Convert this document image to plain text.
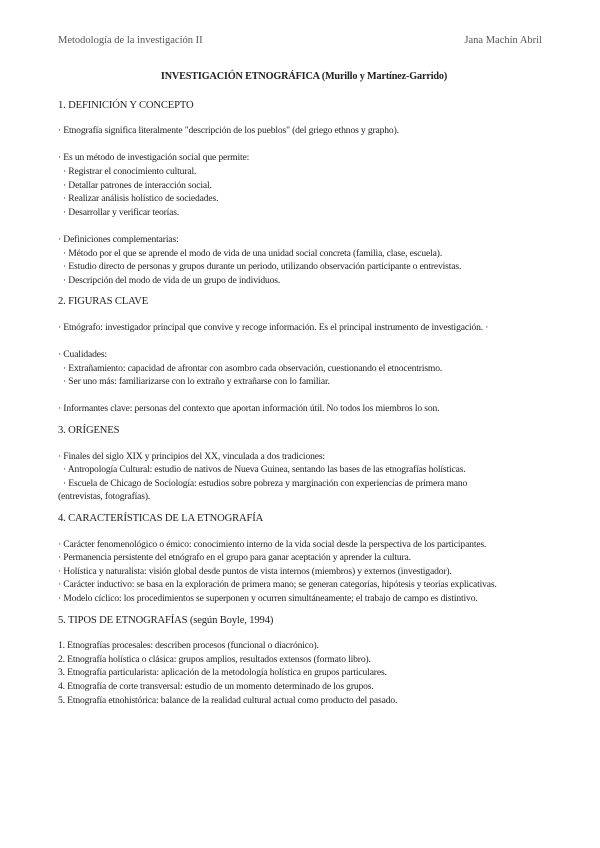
Metodología de la investigación II	Jana Machín Abril
INVESTIGACIÓN ETNOGRÁFICA (Murillo y Martínez-Garrido)
1. DEFINICIÓN Y CONCEPTO

· Etnografía significa literalmente "descripción de los pueblos" (del griego ethnos y grapho).

· Es un método de investigación social que permite:

· Registrar el conocimiento cultural.

· Detallar patrones de interacción social.

· Realizar análisis holístico de sociedades.

· Desarrollar y verificar teorías.

· Definiciones complementarias:

· Método por el que se aprende el modo de vida de una unidad social concreta (familia, clase, escuela).

· Estudio directo de personas y grupos durante un periodo, utilizando observación participante o entrevistas.

· Descripción del modo de vida de un grupo de individuos.

2. FIGURAS CLAVE

· Etnógrafo: investigador principal que convive y recoge información. Es el principal instrumento de investigación. ·

· Cualidades:

· Extrañamiento: capacidad de afrontar con asombro cada observación, cuestionando el etnocentrismo.

· Ser uno más: familiarizarse con lo extraño y extrañarse con lo familiar.

· Informantes clave: personas del contexto que aportan información útil. No todos los miembros lo son.

3. ORÍGENES

· Finales del siglo XIX y principios del XX, vinculada a dos tradiciones:

· Antropología Cultural: estudio de nativos de Nueva Guinea, sentando las bases de las etnografías holísticas.

· Escuela de Chicago de Sociología: estudios sobre pobreza y marginación con experiencias de primera mano

(entrevistas, fotografías).

4. CARACTERÍSTICAS DE LA ETNOGRAFÍA

· Carácter fenomenológico o émico: conocimiento interno de la vida social desde la perspectiva de los participantes.

· Permanencia persistente del etnógrafo en el grupo para ganar aceptación y aprender la cultura.

· Holística y naturalista: visión global desde puntos de vista internos (miembros) y externos (investigador).

· Carácter inductivo: se basa en la exploración de primera mano; se generan categorías, hipótesis y teorías explicativas.

· Modelo cíclico: los procedimientos se superponen y ocurren simultáneamente; el trabajo de campo es distintivo.

5. TIPOS DE ETNOGRAFÍAS (según Boyle, 1994)

1. Etnografías procesales: describen procesos (funcional o diacrónico).

2. Etnografía holística o clásica: grupos amplios, resultados extensos (formato libro).

3. Etnografía particularista: aplicación de la metodología holística en grupos particulares.

4. Etnografía de corte transversal: estudio de un momento determinado de los grupos.

5. Etnografía etnohistórica: balance de la realidad cultural actual como producto del pasado.
